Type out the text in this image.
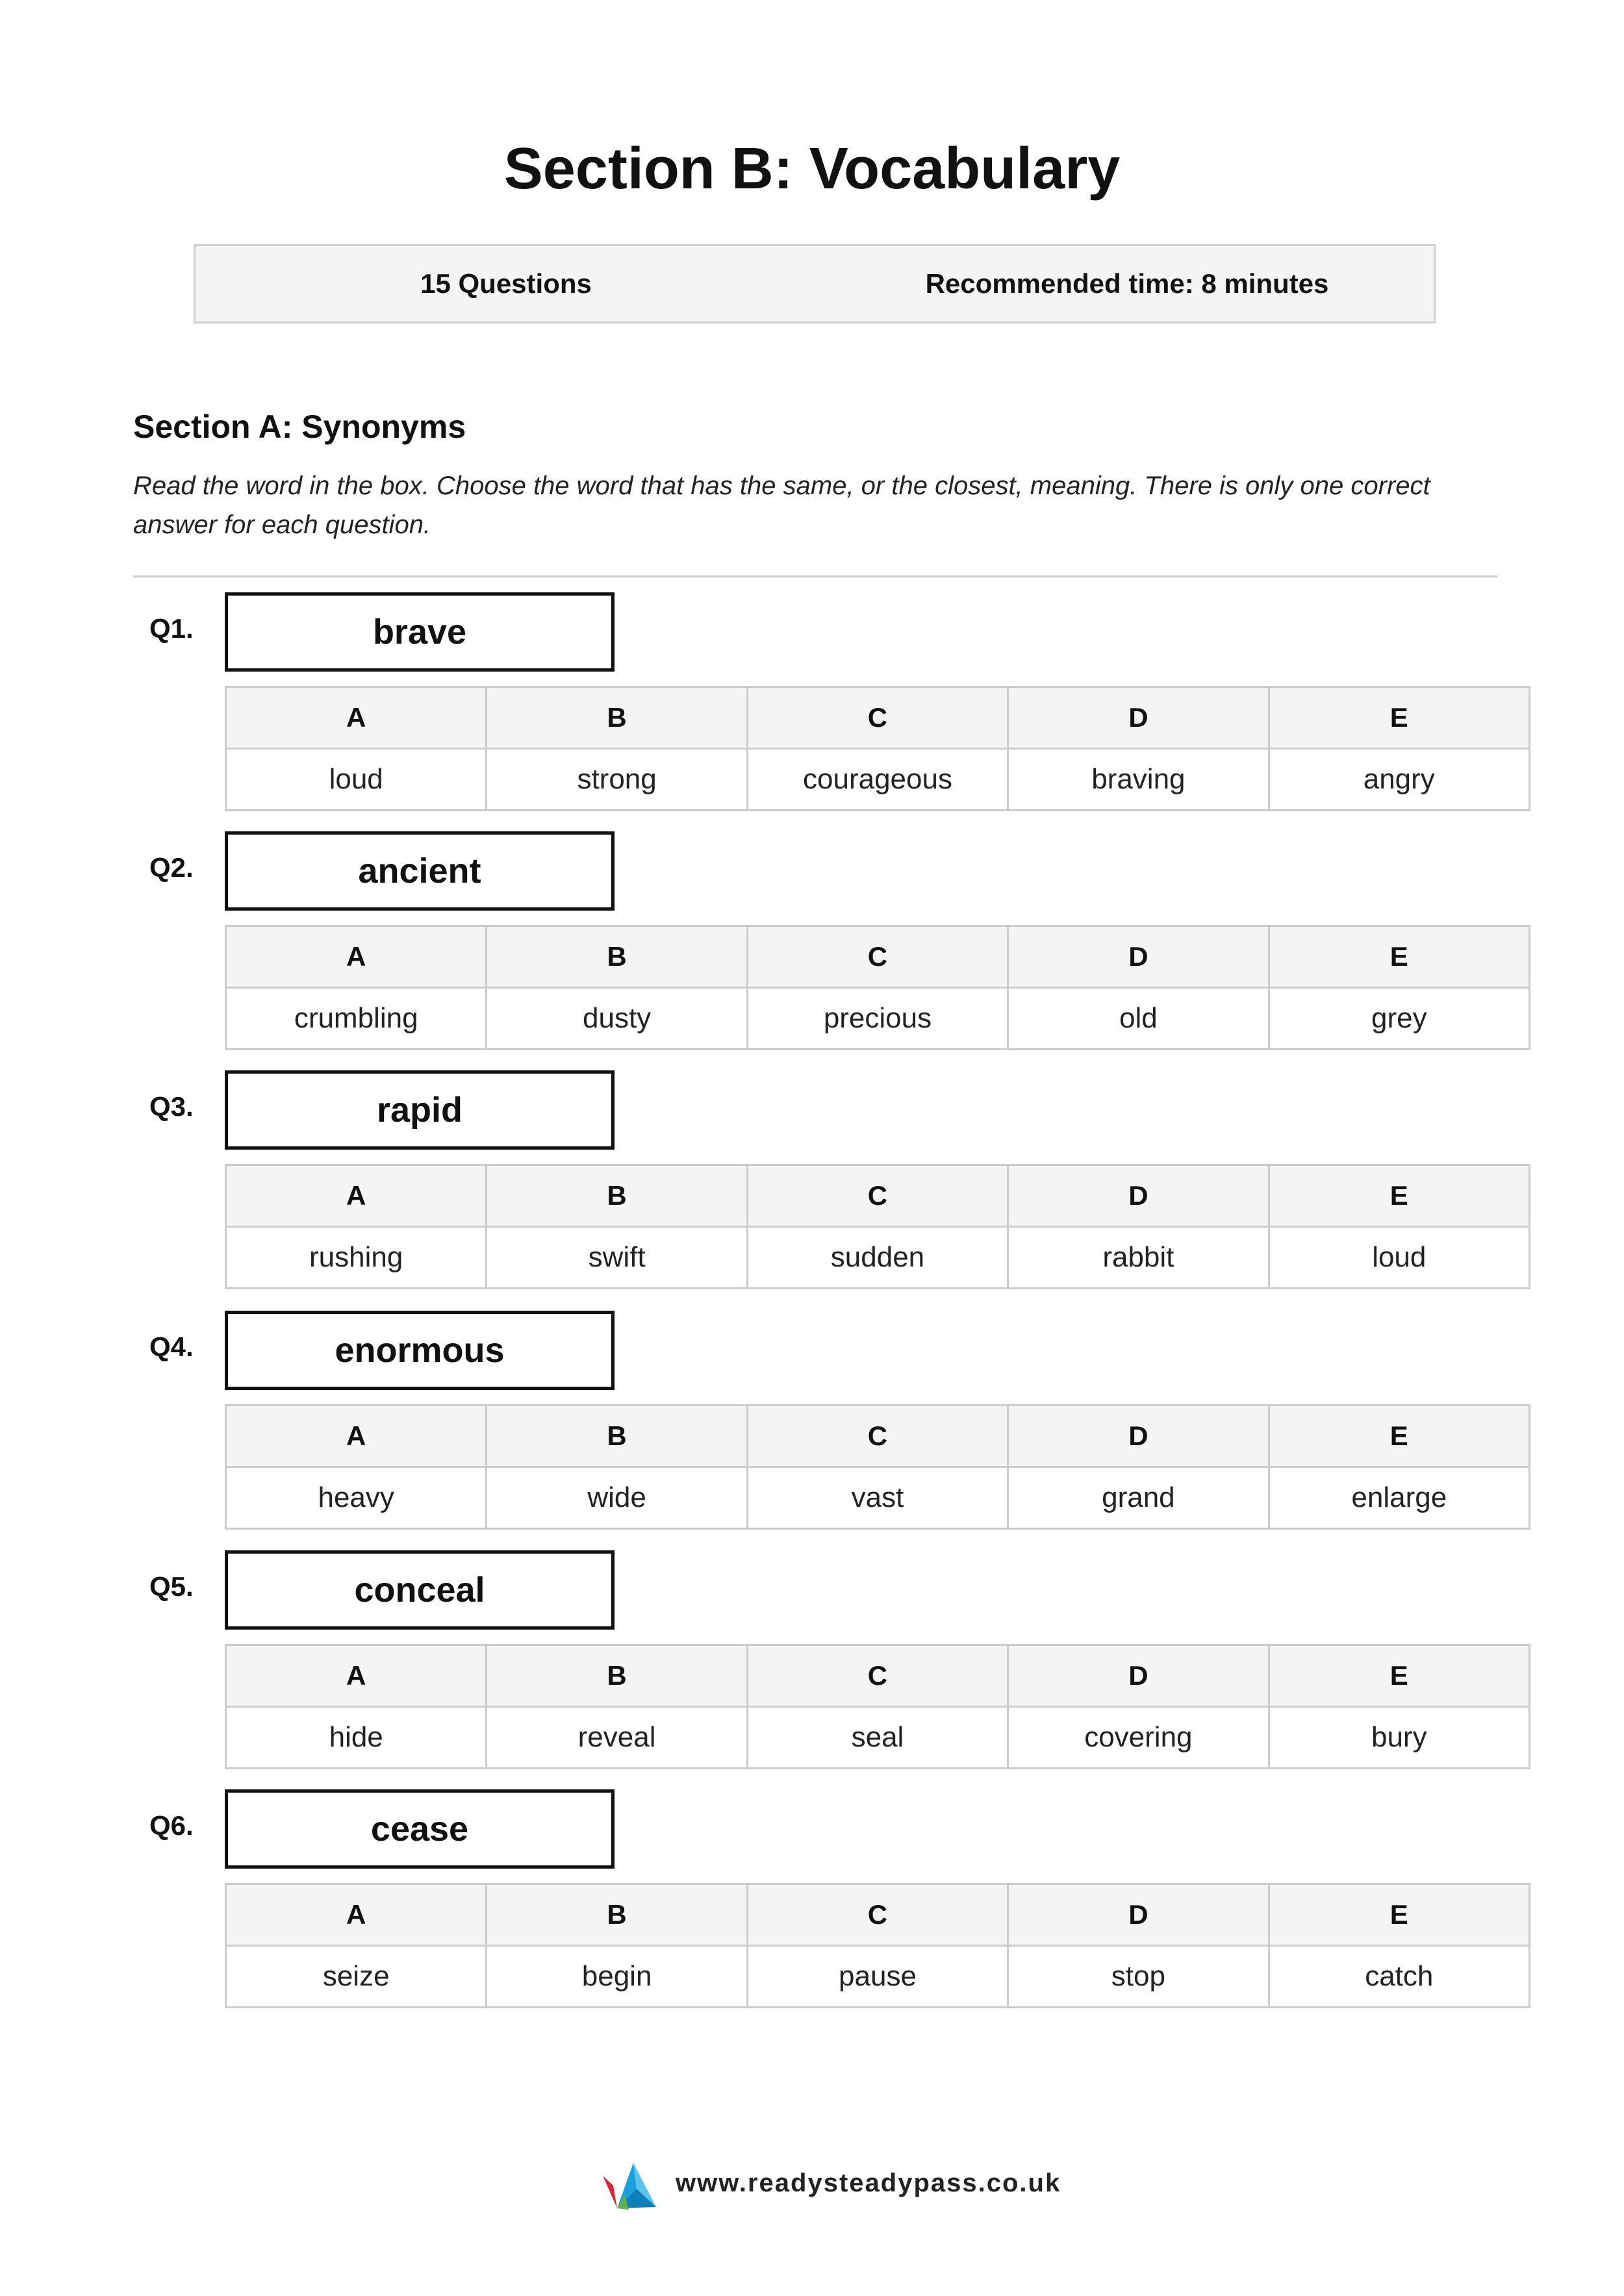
Section B: Vocabulary
15 Questions	Recommended time: 8 minutes
Section A: Synonyms
Read the word in the box. Choose the word that has the same, or the closest, meaning. There is only one correct answer for each question.
Q1.	brave
A	B	C	D	E
loud	strong	courageous	braving	angry
Q2.	ancient
A	B	C	D	E
crumbling	dusty	precious	old	grey
Q3.	rapid
A	B	C	D	E
rushing	swift	sudden	rabbit	loud
Q4.	enormous
A	B	C	D	E
heavy	wide	vast	grand	enlarge
Q5.	conceal
A	B	C	D	E
hide	reveal	seal	covering	bury
Q6.	cease
A	B	C	D	E
seize	begin	pause	stop	catch
www.readysteadypass.co.uk
